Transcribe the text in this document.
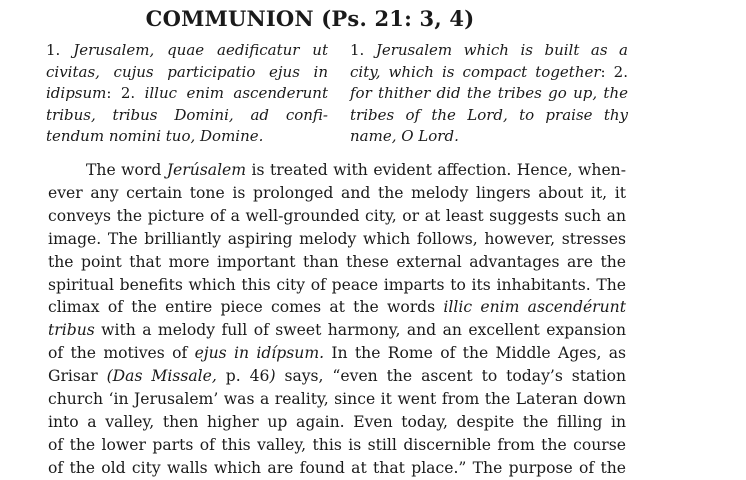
COMMUNION (Ps. 21: 3, 4)
1. Jerusalem, quae aedificatur ut
civitas, cujus participatio ejus in
idipsum: 2. illuc enim ascenderunt
tribus, tribus Domini, ad confi-
tendum nomini tuo, Domine.
1. Jerusalem which is built as a
city, which is compact together: 2.
for thither did the tribes go up, the
tribes of the Lord, to praise thy
name, O Lord.
The word Jerúsalem is treated with evident affection. Hence, when-
ever any certain tone is prolonged and the melody lingers about it, it
conveys the picture of a well-grounded city, or at least suggests such an
image. The brilliantly aspiring melody which follows, however, stresses
the point that more important than these external advantages are the
spiritual benefits which this city of peace imparts to its inhabitants. The
climax of the entire piece comes at the words illic enim ascendérunt
tribus with a melody full of sweet harmony, and an excellent expansion
of the motives of ejus in idípsum. In the Rome of the Middle Ages, as
Grisar (Das Missale, p. 46) says, “even the ascent to today’s station
church ‘in Jerusalem’ was a reality, since it went from the Lateran down
into a valley, then higher up again. Even today, despite the filling in
of the lower parts of this valley, this is still discernible from the course
of the old city walls which are found at that place.” The purpose of the
